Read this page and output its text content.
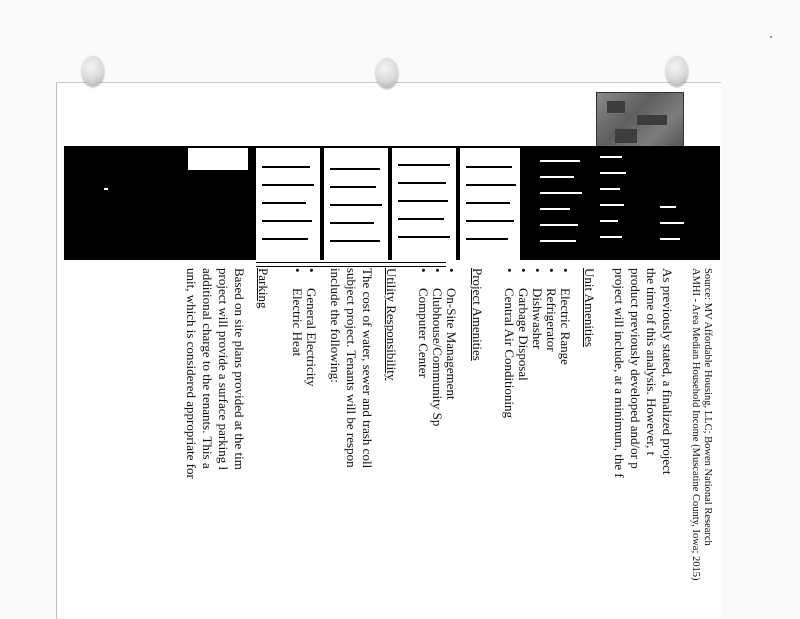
Source: MV Affordable Housing, LLC; Bowen National Research
AMHI - Area Median Household Income (Muscatine County, Iowa; 2015)
As previously stated, a finalized project
the time of this analysis. However, t
product previously developed and/or p
project will include, at a minimum, the f
Unit Amenities
• Electric Range
• Refrigerator
• Dishwasher
• Garbage Disposal
• Central Air Conditioning
Project Amenities
• On-Site Management
• Clubhouse/Community Sp
• Computer Center
Utility Responsibility
The cost of water, sewer and trash coll
subject project. Tenants will be respon
include the following:
• General Electricity
• Electric Heat
Parking
Based on site plans provided at the tim
project will provide a surface parking l
additional charge to the tenants. This a
unit, which is considered appropriate for
